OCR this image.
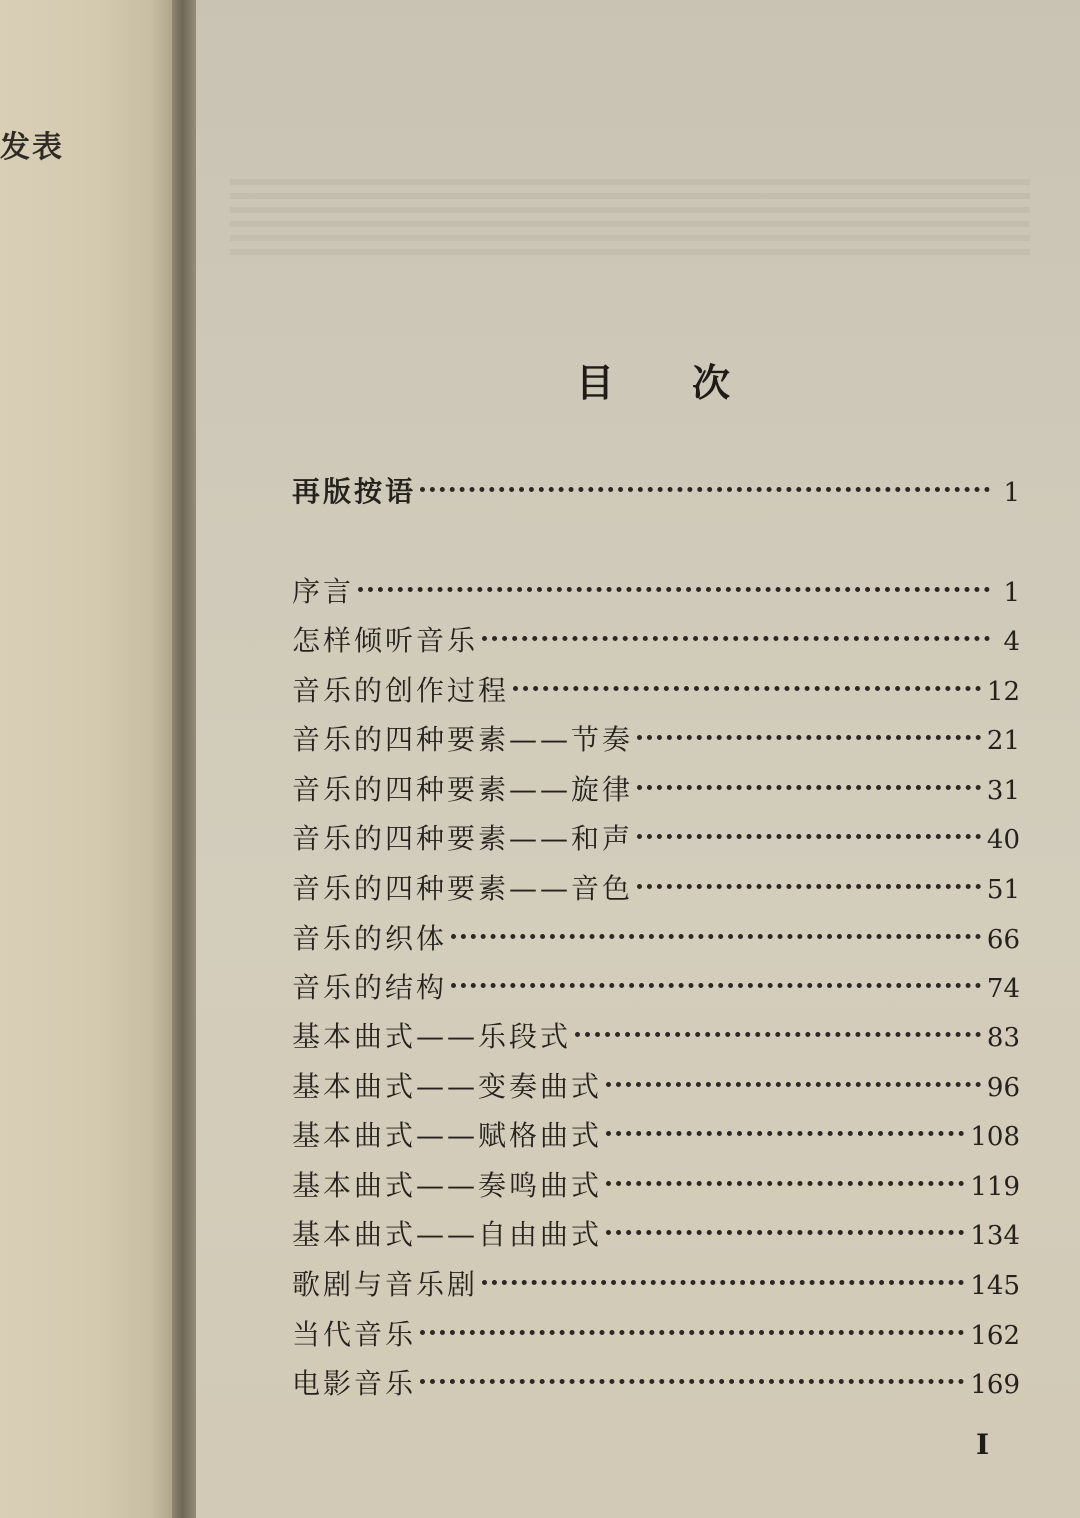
发表
目 次
再版按语	1
序言	1
怎样倾听音乐	4
音乐的创作过程	12
音乐的四种要素——节奏	21
音乐的四种要素——旋律	31
音乐的四种要素——和声	40
音乐的四种要素——音色	51
音乐的织体	66
音乐的结构	74
基本曲式——乐段式	83
基本曲式——变奏曲式	96
基本曲式——赋格曲式	108
基本曲式——奏鸣曲式	119
基本曲式——自由曲式	134
歌剧与音乐剧	145
当代音乐	162
电影音乐	169
I
